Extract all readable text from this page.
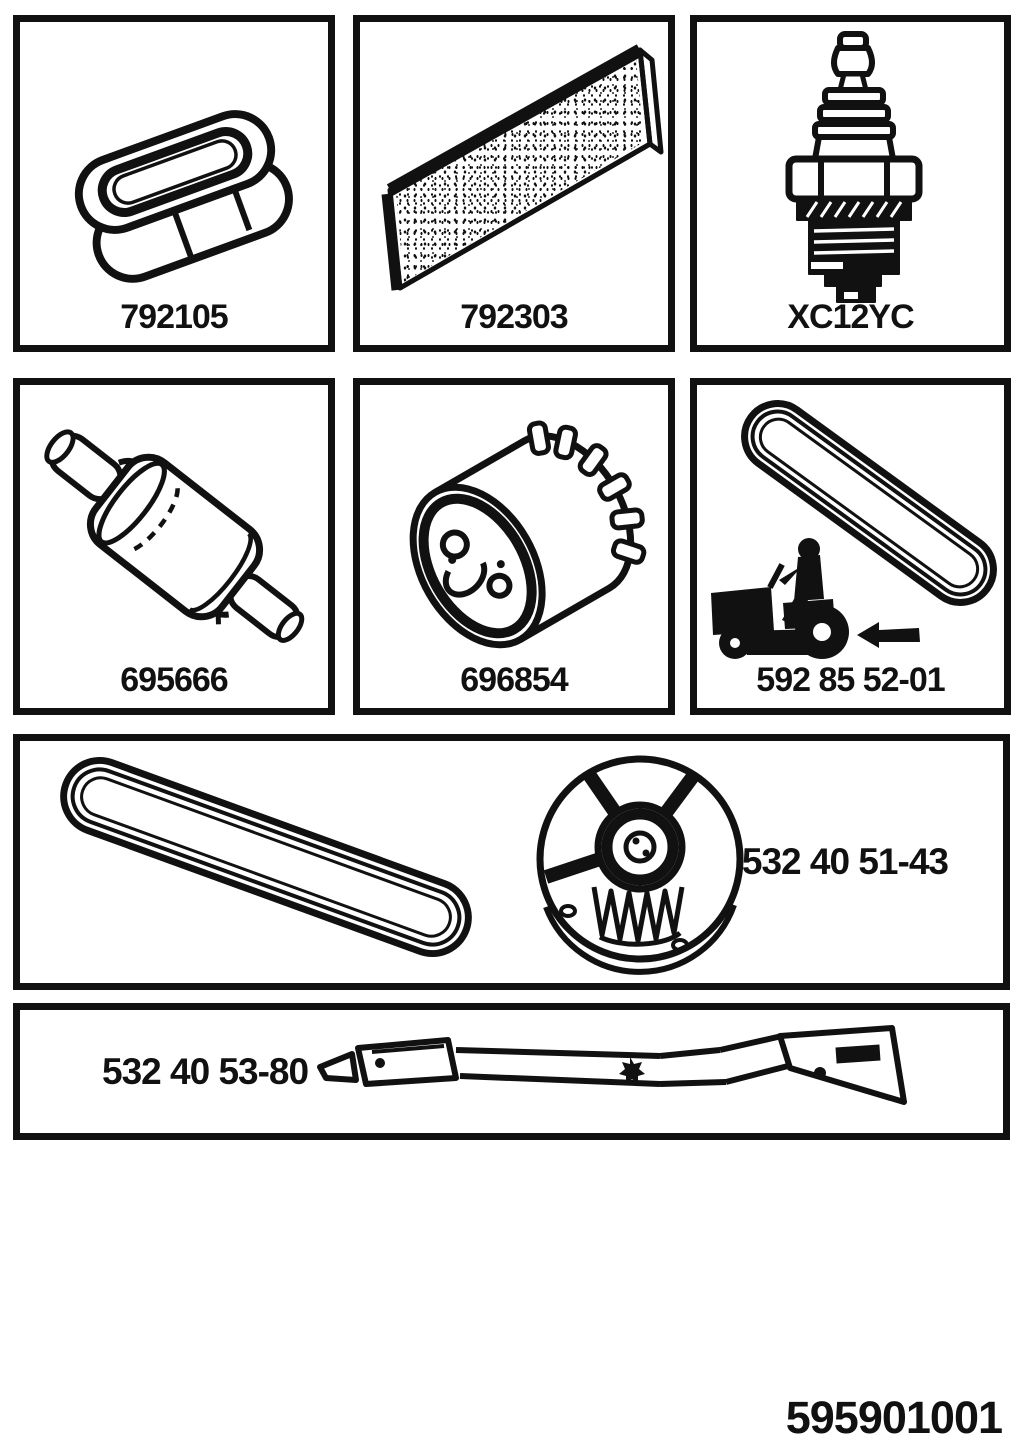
792105	792303	XC12YC
695666	696854	592 85 52-01
532 40 51-43
532 40 53-80
595901001
